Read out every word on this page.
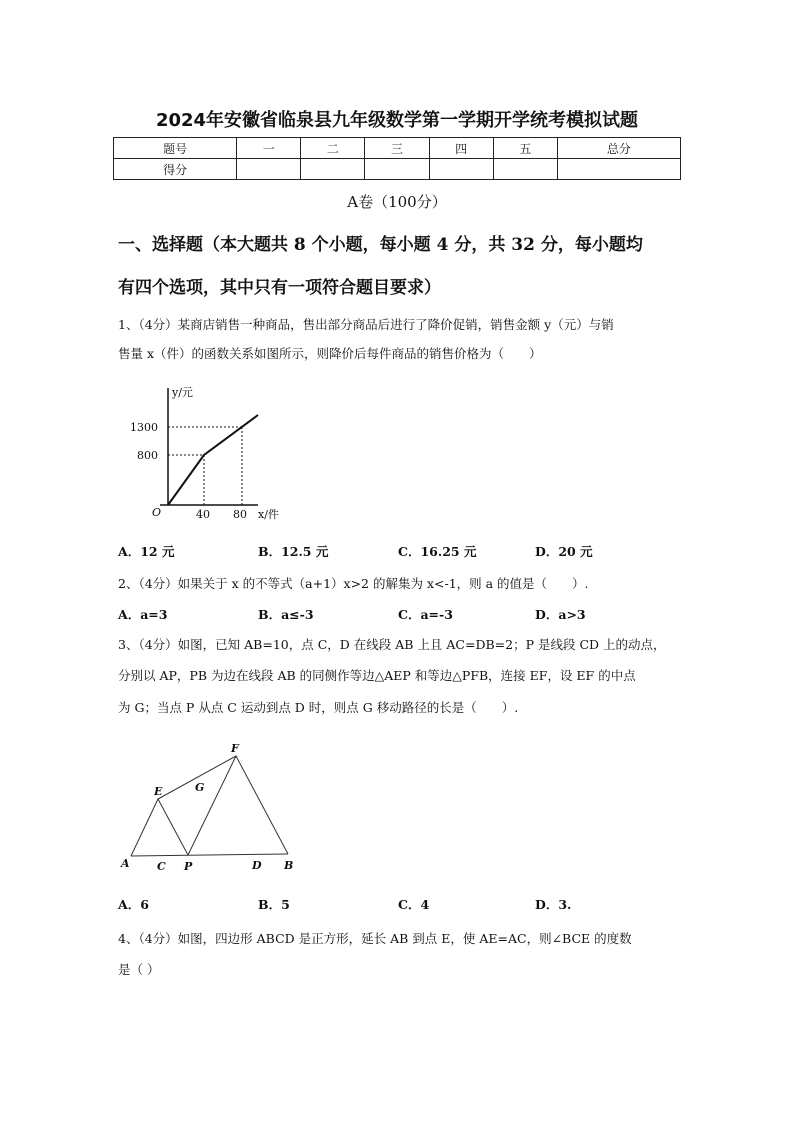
2024年安徽省临泉县九年级数学第一学期开学统考模拟试题
题号	一	二	三	四	五	总分
得分						
A卷（100分）
一、选择题（本大题共 8 个小题，每小题 4 分，共 32 分，每小题均
有四个选项，其中只有一项符合题目要求）
1、（4分）某商店销售一种商品，售出部分商品后进行了降价促销，销售金额 y（元）与销
售量 x（件）的函数关系如图所示，则降价后每件商品的销售价格为（　　）
y/元
x/件
O
1300
800
40 80
A C P	D B
E
F
G
A．12 元	B．12.5 元	C．16.25 元	D．20 元
2、（4分）如果关于 x 的不等式（a+1）x>2 的解集为 x<-1，则 a 的值是（　　）.
A．a=3	B．a≤-3	C．a=-3	D．a>3
3、（4分）如图，已知 AB=10，点 C，D 在线段 AB 上且 AC=DB=2；P 是线段 CD 上的动点，
分别以 AP，PB 为边在线段 AB 的同侧作等边△AEP 和等边△PFB，连接 EF，设 EF 的中点
为 G；当点 P 从点 C 运动到点 D 时，则点 G 移动路径的长是（　　）.
A．6	B．5	C．4	D．3.
4、（4分）如图，四边形 ABCD 是正方形，延长 AB 到点 E，使 AE=AC，则∠BCE 的度数
是（ ）
